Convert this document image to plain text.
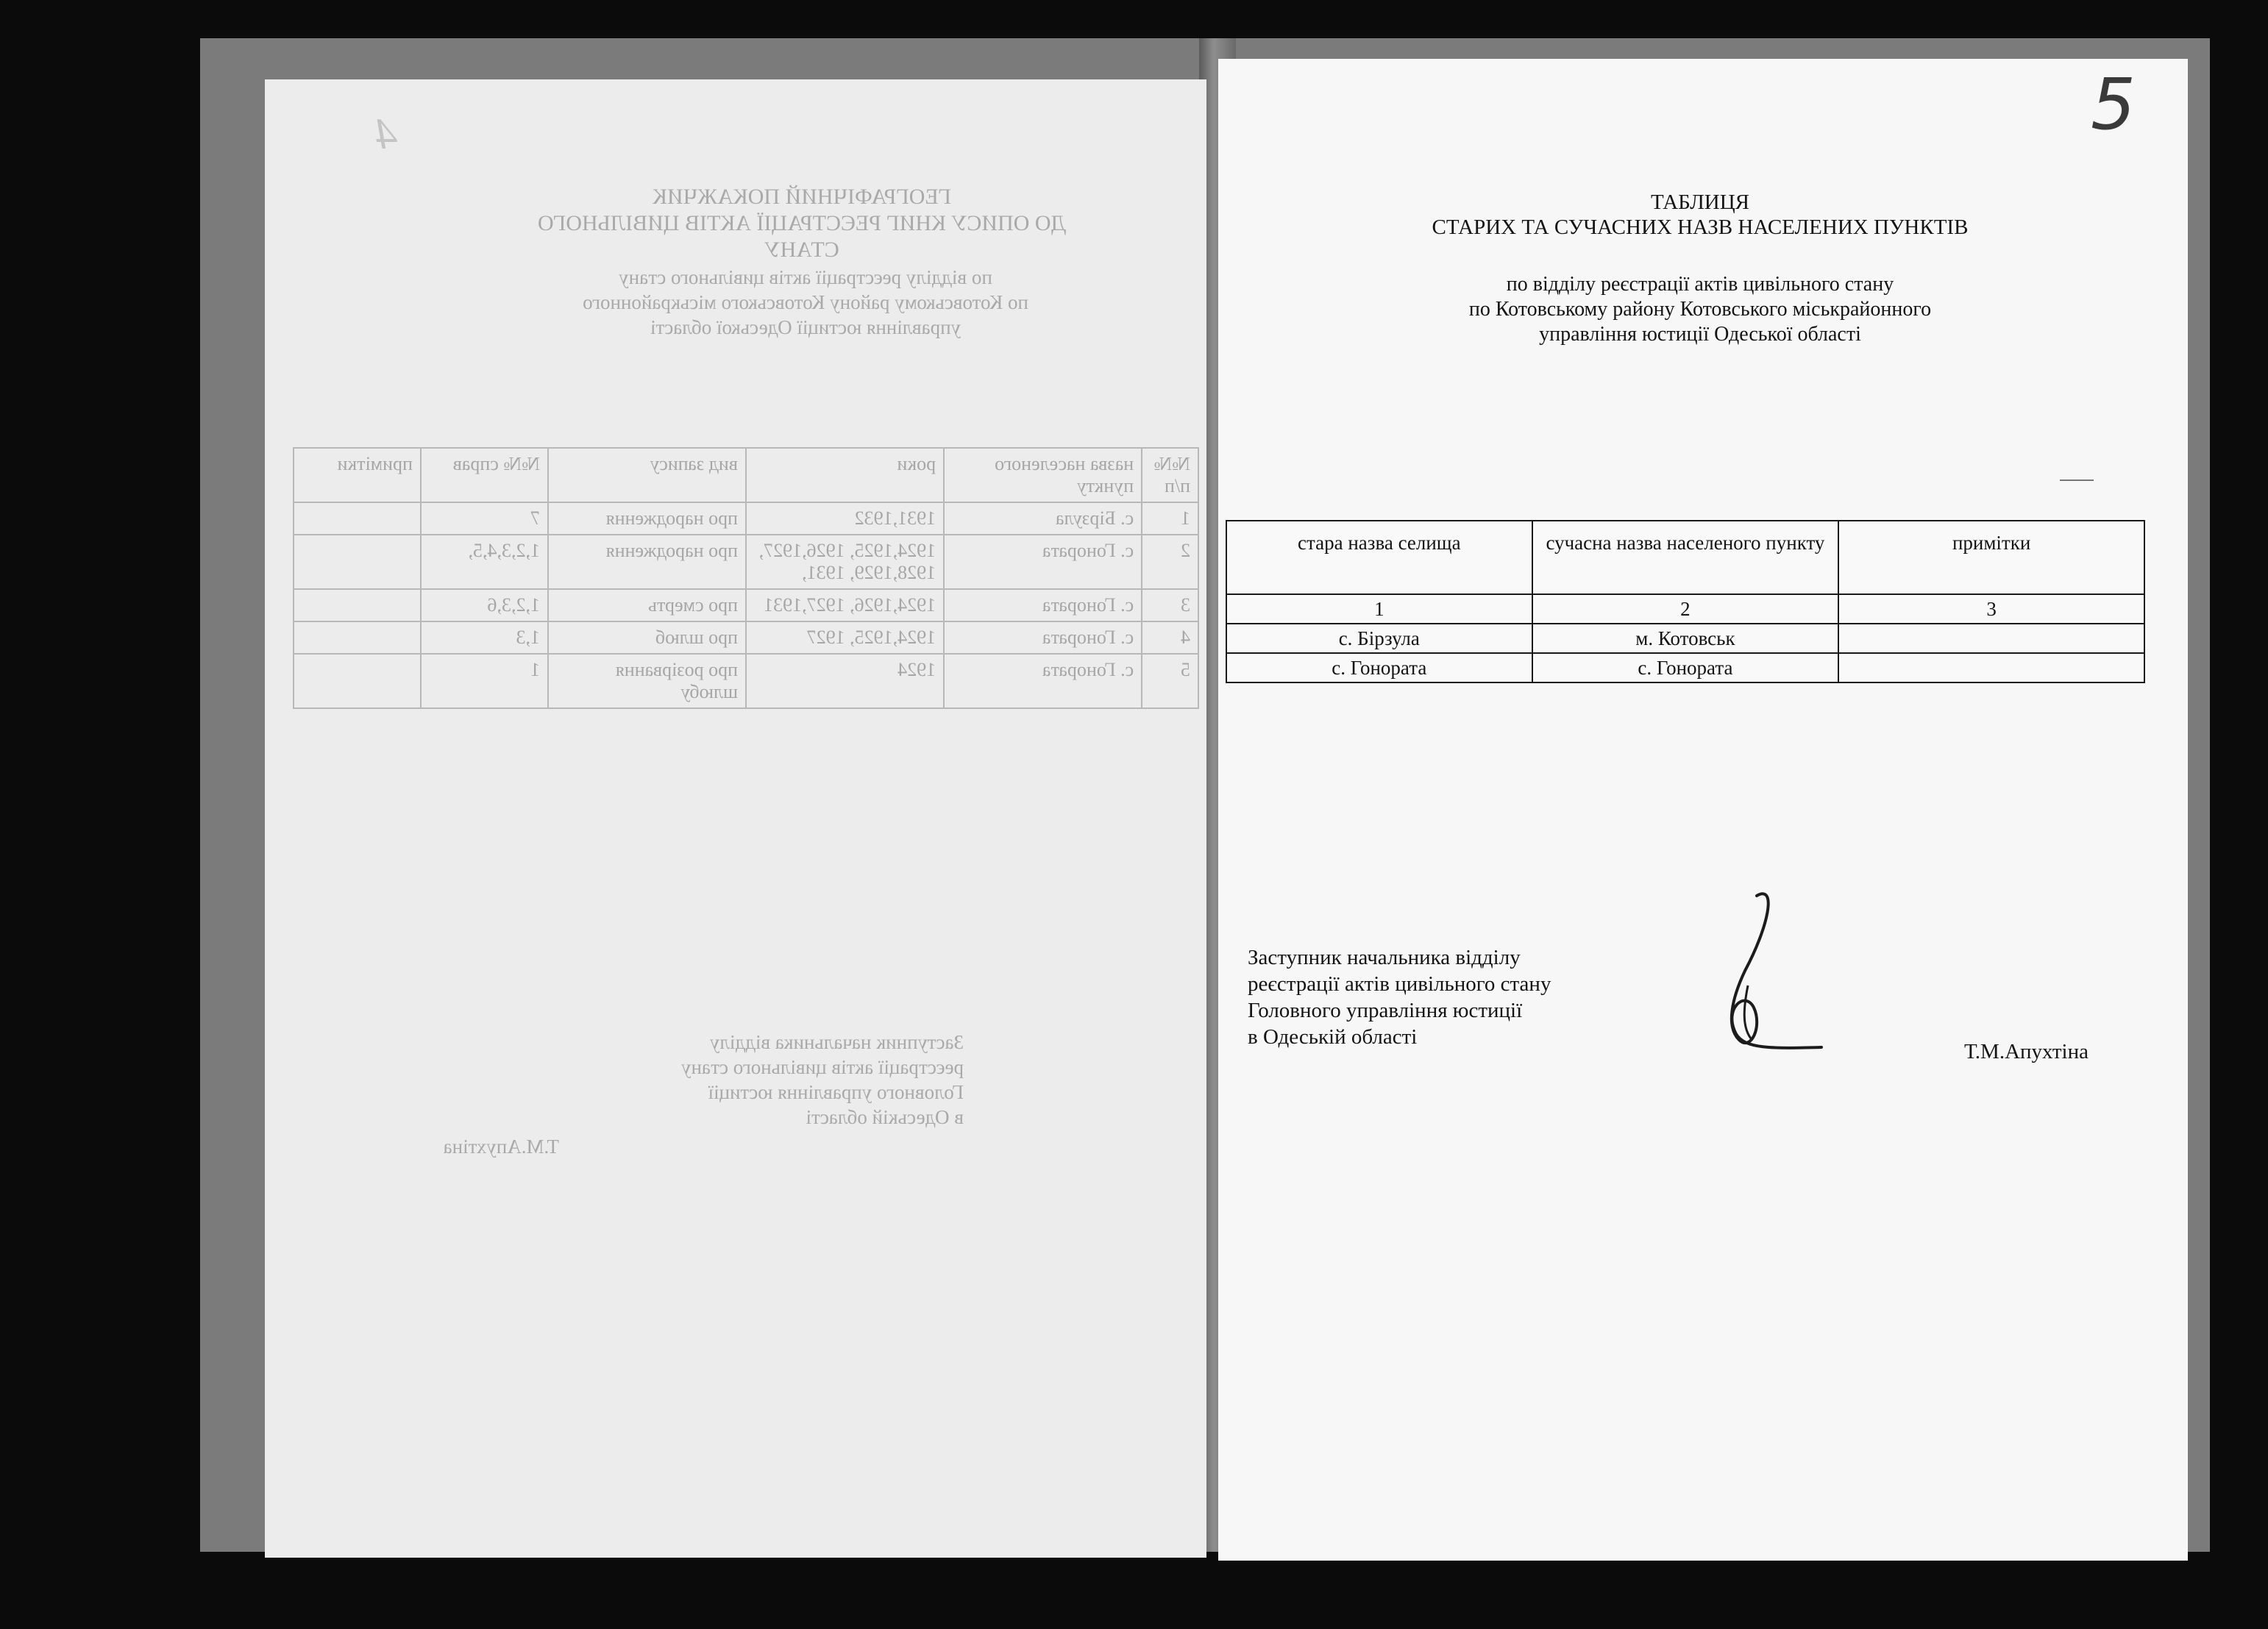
4
ГЕОГРАФІЧНИЙ ПОКАЖЧИК
ДО ОПИСУ КНИГ РЕЄСТРАЦІЇ АКТІВ ЦИВІЛЬНОГО СТАНУ
по відділу реєстрації актів цивільного стану
по Котовському району Котовського міськрайонного
управління юстиції Одеської області
№№ п/п	назва населеного пункту	роки	вид запису	№№ справ	примітки
1	с. Бірзула	1931,1932	про народження	7	
2	с. Гонората	1924,1925, 1926,1927, 1928,1929, 1931,	про народження	1,2,3,4,5,	
3	с. Гонората	1924,1926, 1927,1931	про смерть	1,2,3,6	
4	с. Гонората	1924,1925, 1927	про шлюб	1,3	
5	с. Гонората	1924	про розірвання шлюбу	1	
Заступник начальника відділу
реєстрації актів цивільного стану
Головного управління юстиції
в Одеській області
Т.М.Апухтіна
5
ТАБЛИЦЯ
СТАРИХ ТА СУЧАСНИХ НАЗВ НАСЕЛЕНИХ ПУНКТІВ
по відділу реєстрації актів цивільного стану
по Котовському району Котовського міськрайонного
управління юстиції Одеської області
стара назва селища	сучасна назва населеного пункту	примітки
1	2	3
с. Бірзула	м. Котовськ	
с. Гонората	с. Гонората	
Заступник начальника відділу
реєстрації актів цивільного стану
Головного управління юстиції
в Одеській області
Т.М.Апухтіна
